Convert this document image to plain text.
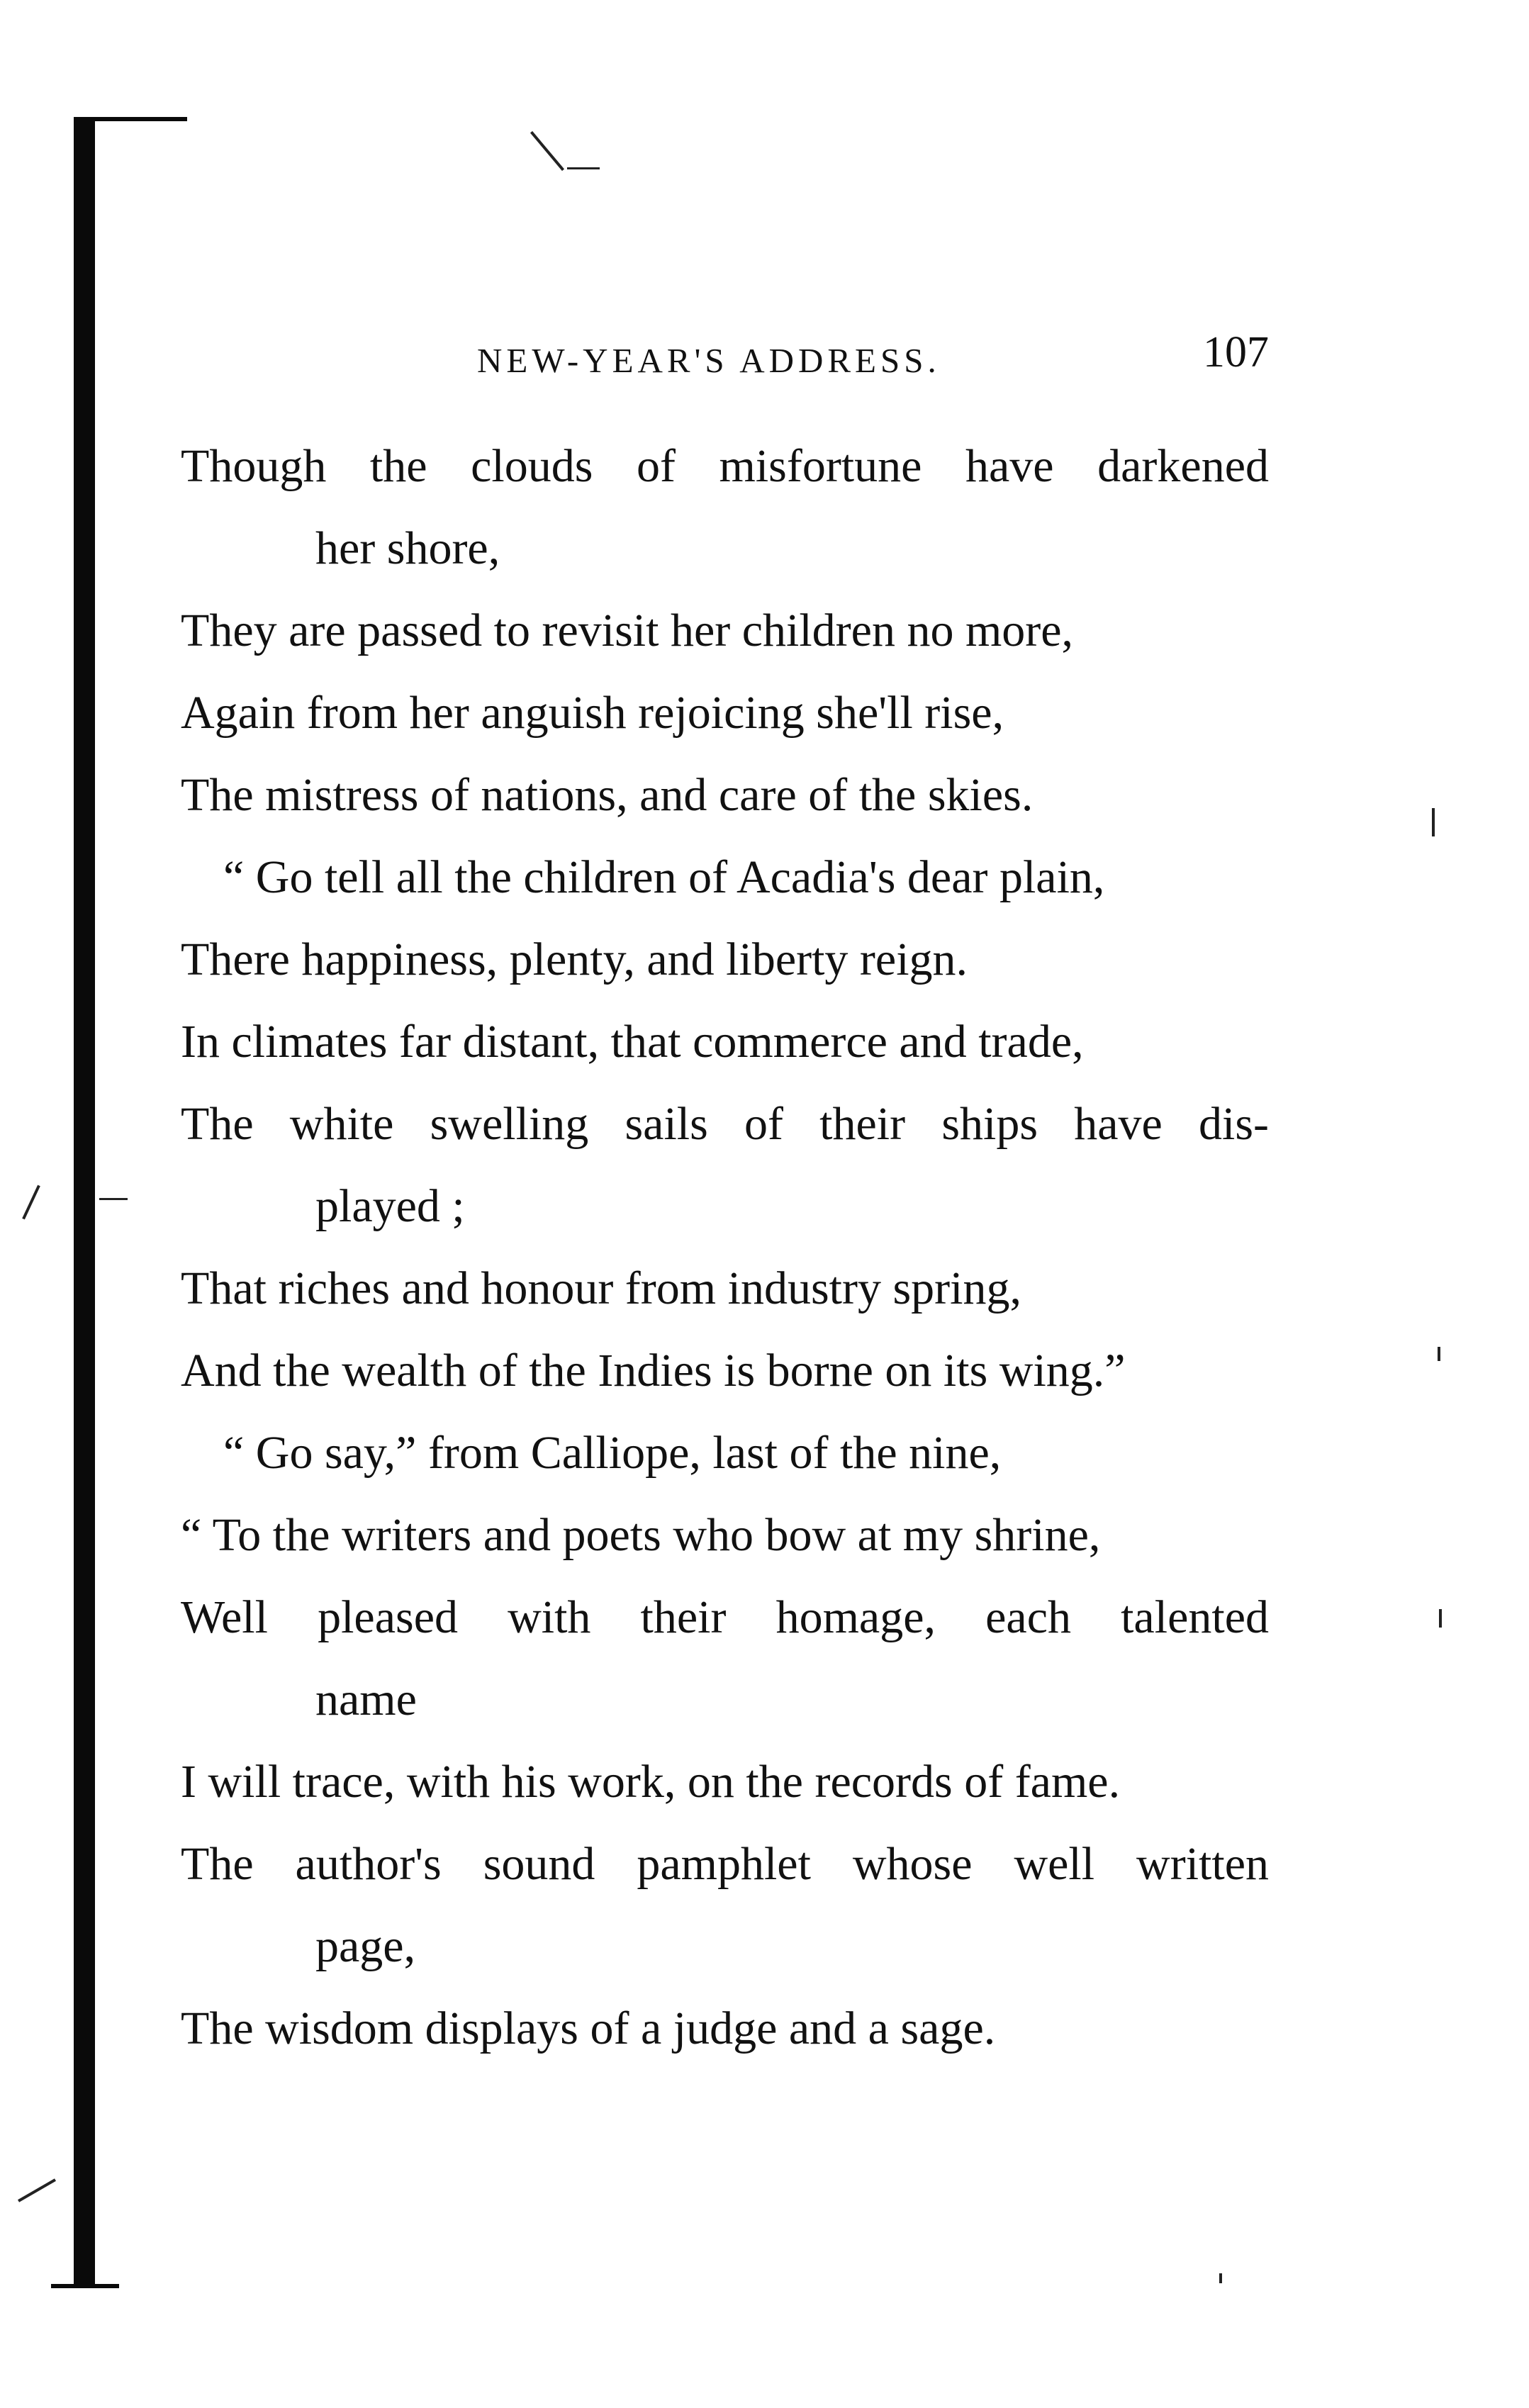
NEW-YEAR'S ADDRESS.	107
Though the clouds of misfortune have darkened
her shore,
They are passed to revisit her children no more,
Again from her anguish rejoicing she'll rise,
The mistress of nations, and care of the skies.
“ Go tell all the children of Acadia's dear plain,
There happiness, plenty, and liberty reign.
In climates far distant, that commerce and trade,
The white swelling sails of their ships have dis-
played ;
That riches and honour from industry spring,
And the wealth of the Indies is borne on its wing.”
“ Go say,” from Calliope, last of the nine,
“ To the writers and poets who bow at my shrine,
Well pleased with their homage, each talented
name
I will trace, with his work, on the records of fame.
The author's sound pamphlet whose well written
page,
The wisdom displays of a judge and a sage.
